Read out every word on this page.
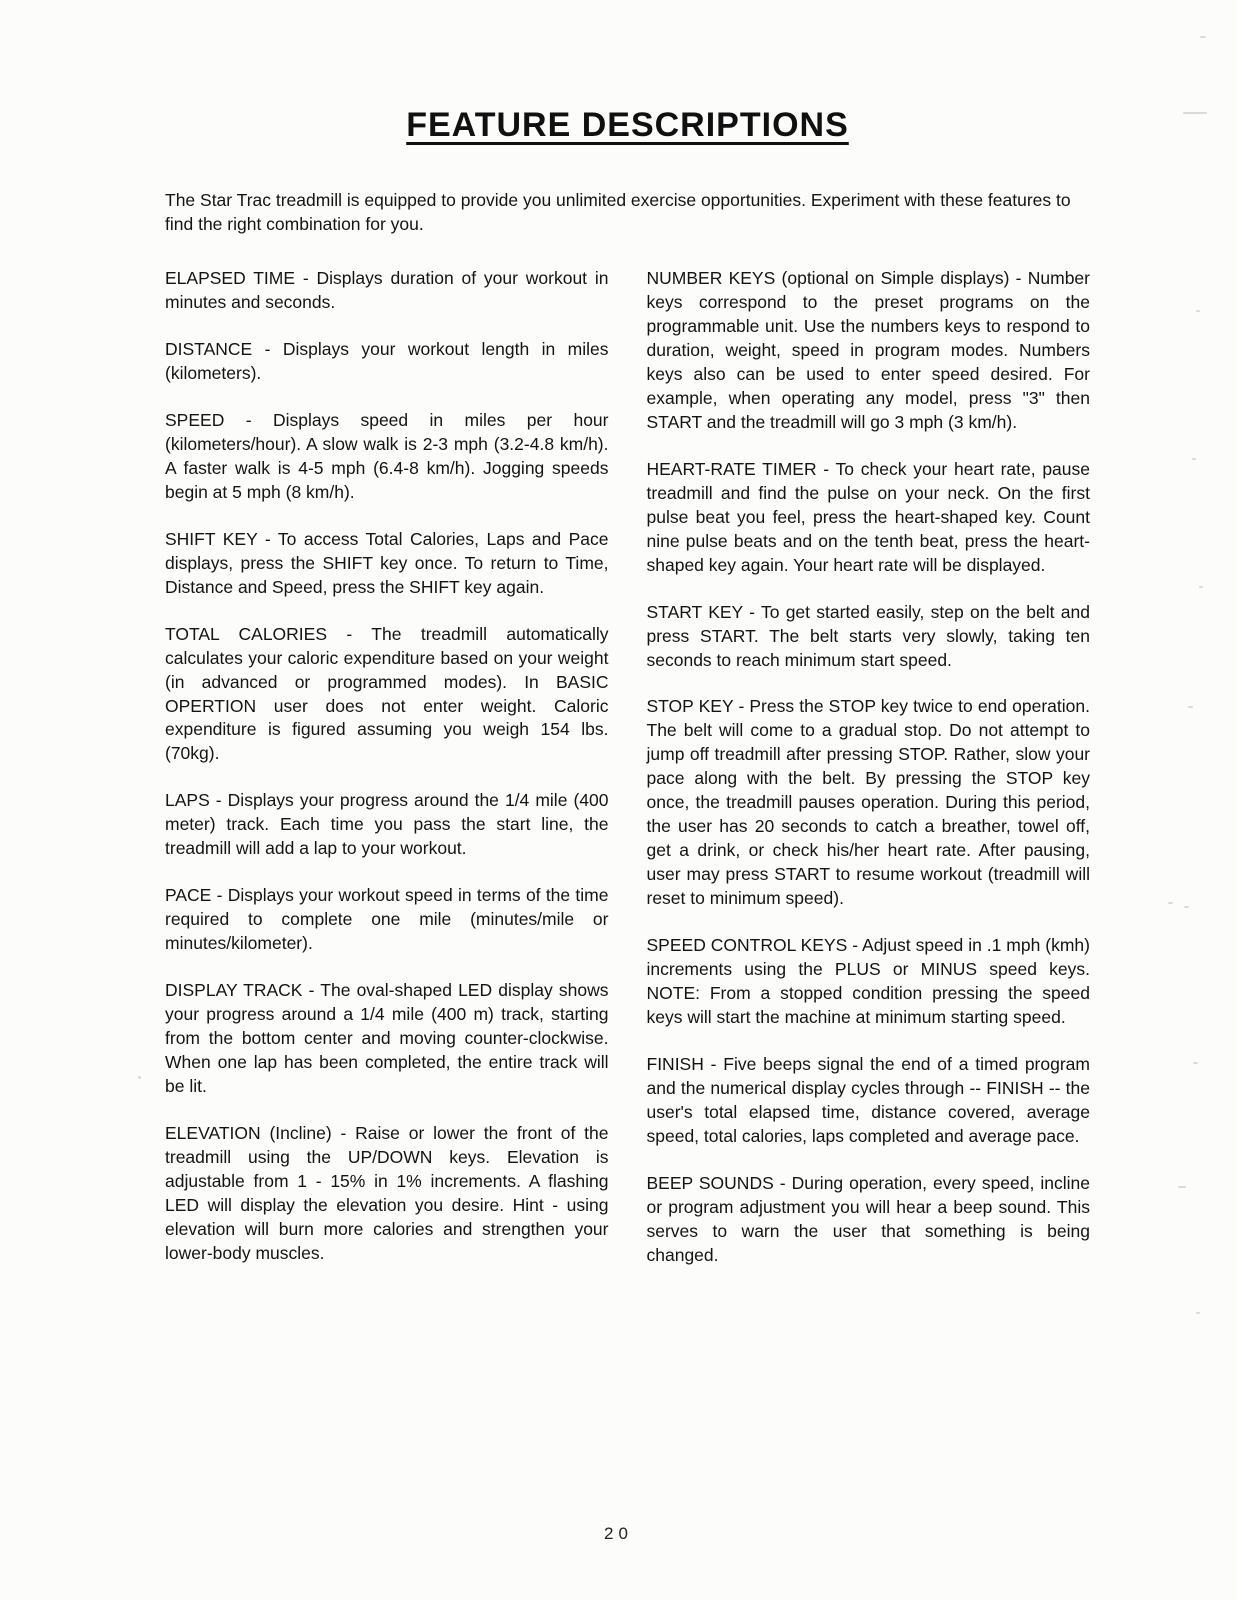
FEATURE DESCRIPTIONS

The Star Trac treadmill is equipped to provide you unlimited exercise opportunities. Experiment with these features to find the right combination for you.

ELAPSED TIME - Displays duration of your workout in minutes and seconds.

DISTANCE - Displays your workout length in miles (kilometers).

SPEED - Displays speed in miles per hour (kilometers/hour). A slow walk is 2-3 mph (3.2-4.8 km/h). A faster walk is 4-5 mph (6.4-8 km/h). Jogging speeds begin at 5 mph (8 km/h).

SHIFT KEY - To access Total Calories, Laps and Pace displays, press the SHIFT key once. To return to Time, Distance and Speed, press the SHIFT key again.

TOTAL CALORIES - The treadmill automatically calculates your caloric expenditure based on your weight (in advanced or programmed modes). In BASIC OPERTION user does not enter weight. Caloric expenditure is figured assuming you weigh 154 lbs. (70kg).

LAPS - Displays your progress around the 1/4 mile (400 meter) track. Each time you pass the start line, the treadmill will add a lap to your workout.

PACE - Displays your workout speed in terms of the time required to complete one mile (minutes/mile or minutes/kilometer).

DISPLAY TRACK - The oval-shaped LED display shows your progress around a 1/4 mile (400 m) track, starting from the bottom center and moving counter-clockwise. When one lap has been completed, the entire track will be lit.

ELEVATION (Incline) - Raise or lower the front of the treadmill using the UP/DOWN keys. Elevation is adjustable from 1 - 15% in 1% increments. A flashing LED will display the elevation you desire. Hint - using elevation will burn more calories and strengthen your lower-body muscles.

NUMBER KEYS (optional on Simple displays) - Number keys correspond to the preset programs on the programmable unit. Use the numbers keys to respond to duration, weight, speed in program modes. Numbers keys also can be used to enter speed desired. For example, when operating any model, press "3" then START and the treadmill will go 3 mph (3 km/h).

HEART-RATE TIMER - To check your heart rate, pause treadmill and find the pulse on your neck. On the first pulse beat you feel, press the heart-shaped key. Count nine pulse beats and on the tenth beat, press the heart-shaped key again. Your heart rate will be displayed.

START KEY - To get started easily, step on the belt and press START. The belt starts very slowly, taking ten seconds to reach minimum start speed.

STOP KEY - Press the STOP key twice to end operation. The belt will come to a gradual stop. Do not attempt to jump off treadmill after pressing STOP. Rather, slow your pace along with the belt. By pressing the STOP key once, the treadmill pauses operation. During this period, the user has 20 seconds to catch a breather, towel off, get a drink, or check his/her heart rate. After pausing, user may press START to resume workout (treadmill will reset to minimum speed).

SPEED CONTROL KEYS - Adjust speed in .1 mph (kmh) increments using the PLUS or MINUS speed keys. NOTE: From a stopped condition pressing the speed keys will start the machine at minimum starting speed.

FINISH - Five beeps signal the end of a timed program and the numerical display cycles through -- FINISH -- the user's total elapsed time, distance covered, average speed, total calories, laps completed and average pace.

BEEP SOUNDS - During operation, every speed, incline or program adjustment you will hear a beep sound. This serves to warn the user that something is being changed.

20
